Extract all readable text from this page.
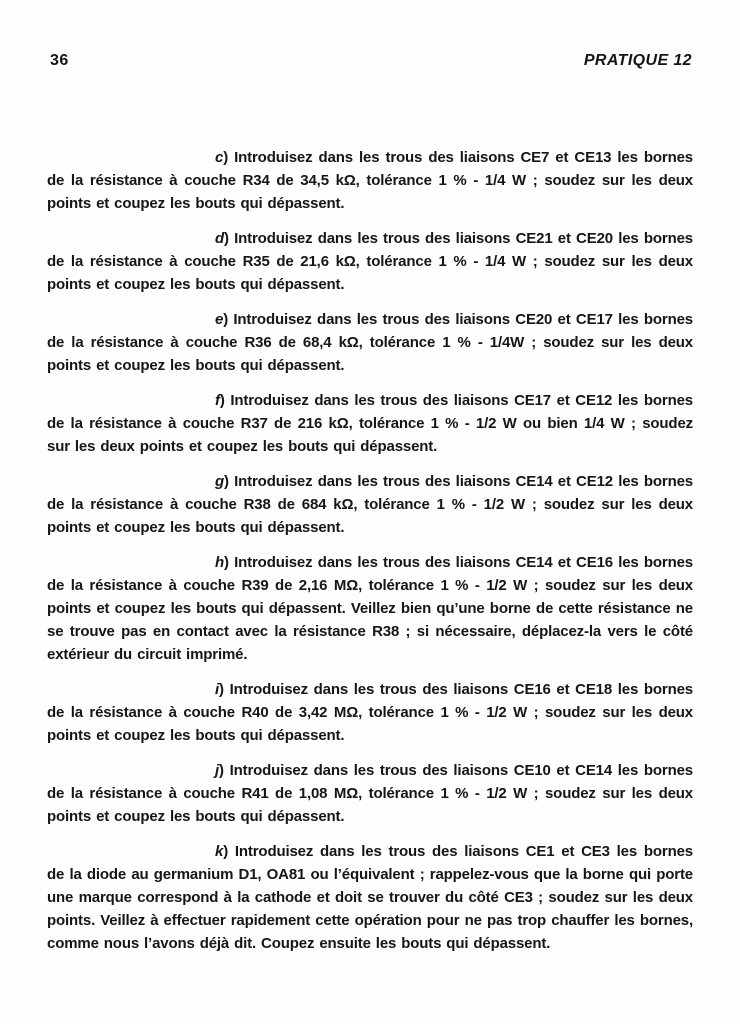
36	PRATIQUE 12

c) Introduisez dans les trous des liaisons CE7 et CE13 les bornes de la résistance à couche R34 de 34,5 kΩ, tolérance 1 % - 1/4 W ; soudez sur les deux points et coupez les bouts qui dépassent.

d) Introduisez dans les trous des liaisons CE21 et CE20 les bornes de la résistance à couche R35 de 21,6 kΩ, tolérance 1 % - 1/4 W ; soudez sur les deux points et coupez les bouts qui dépassent.

e) Introduisez dans les trous des liaisons CE20 et CE17 les bornes de la résistance à couche R36 de 68,4 kΩ, tolérance 1 % - 1/4W ; soudez sur les deux points et coupez les bouts qui dépassent.

f) Introduisez dans les trous des liaisons CE17 et CE12 les bornes de la résistance à couche R37 de 216 kΩ, tolérance 1 % - 1/2 W ou bien 1/4 W ; soudez sur les deux points et coupez les bouts qui dépassent.

g) Introduisez dans les trous des liaisons CE14 et CE12 les bornes de la résistance à couche R38 de 684 kΩ, tolérance 1 % - 1/2 W ; soudez sur les deux points et coupez les bouts qui dépassent.

h) Introduisez dans les trous des liaisons CE14 et CE16 les bornes de la résistance à couche R39 de 2,16 MΩ, tolérance 1 % - 1/2 W ; soudez sur les deux points et coupez les bouts qui dépassent. Veillez bien qu’une borne de cette résistance ne se trouve pas en contact avec la résistance R38 ; si nécessaire, déplacez-la vers le côté extérieur du circuit imprimé.

i) Introduisez dans les trous des liaisons CE16 et CE18 les bornes de la résistance à couche R40 de 3,42 MΩ, tolérance 1 % - 1/2 W ; soudez sur les deux points et coupez les bouts qui dépassent.

j) Introduisez dans les trous des liaisons CE10 et CE14 les bornes de la résistance à couche R41 de 1,08 MΩ, tolérance 1 % - 1/2 W ; soudez sur les deux points et coupez les bouts qui dépassent.

k) Introduisez dans les trous des liaisons CE1 et CE3 les bornes de la diode au germanium D1, OA81 ou l’équivalent ; rappelez-vous que la borne qui porte une marque correspond à la cathode et doit se trouver du côté CE3 ; soudez sur les deux points. Veillez à effectuer rapidement cette opération pour ne pas trop chauffer les bornes, comme nous l’avons déjà dit. Coupez ensuite les bouts qui dépassent.
